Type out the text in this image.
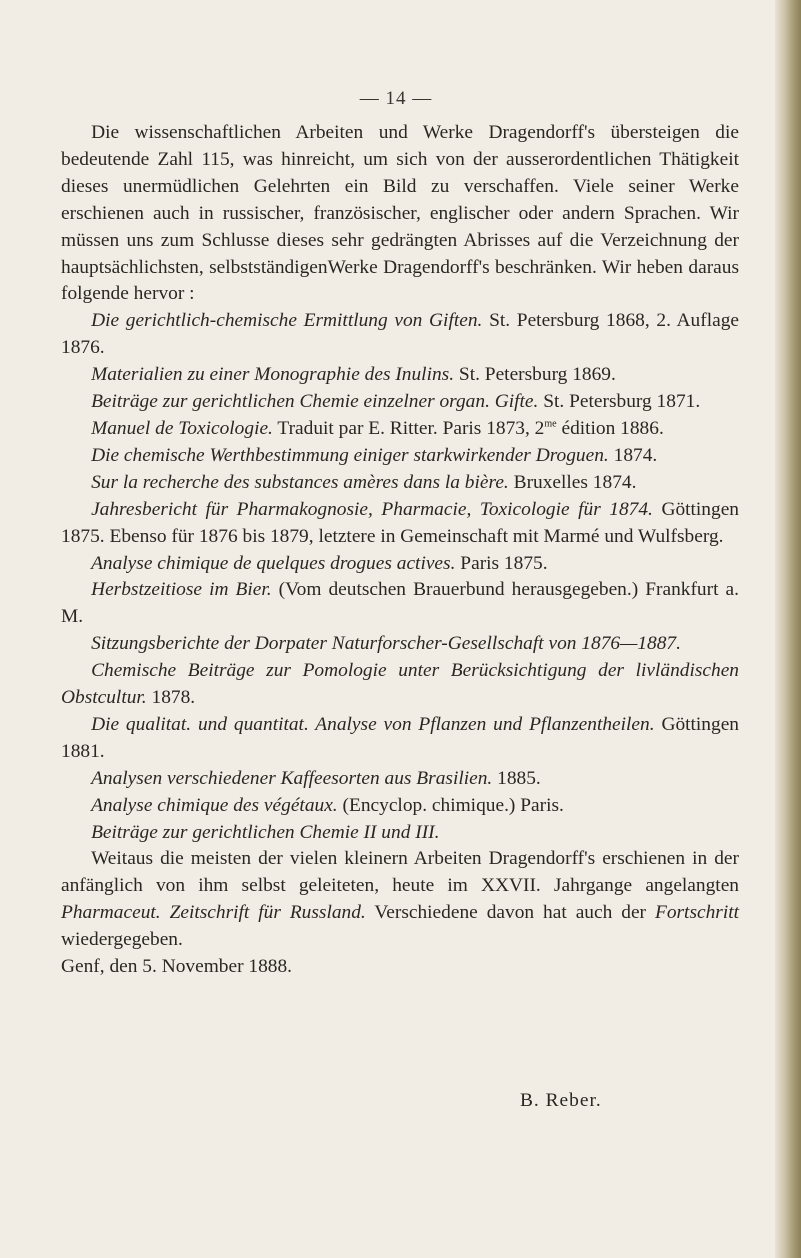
— 14 —

Die wissenschaftlichen Arbeiten und Werke Dragendorff's übersteigen die bedeutende Zahl 115, was hinreicht, um sich von der ausserordentlichen Thätigkeit dieses unermüdlichen Gelehrten ein Bild zu verschaffen. Viele seiner Werke erschienen auch in russischer, französischer, englischer oder andern Sprachen. Wir müssen uns zum Schlusse dieses sehr gedrängten Abrisses auf die Verzeichnung der hauptsächlichsten, selbstständigenWerke Dragendorff's beschränken. Wir heben daraus folgende hervor :

Die gerichtlich-chemische Ermittlung von Giften. St. Petersburg 1868, 2. Auflage 1876.

Materialien zu einer Monographie des Inulins. St. Petersburg 1869.

Beiträge zur gerichtlichen Chemie einzelner organ. Gifte. St. Petersburg 1871.

Manuel de Toxicologie. Traduit par E. Ritter. Paris 1873, $2^{me}$ édition 1886.

Die chemische Werthbestimmung einiger starkwirkender Droguen. 1874.

Sur la recherche des substances amères dans la bière. Bruxelles 1874.

Jahresbericht für Pharmakognosie, Pharmacie, Toxicologie für 1874. Göttingen 1875. Ebenso für 1876 bis 1879, letztere in Gemeinschaft mit Marmé und Wulfsberg.

Analyse chimique de quelques drogues actives. Paris 1875.

Herbstzeitiose im Bier. (Vom deutschen Brauerbund herausgegeben.) Frankfurt a. M.

Sitzungsberichte der Dorpater Naturforscher-Gesellschaft von 1876—1887.

Chemische Beiträge zur Pomologie unter Berücksichtigung der livländischen Obstcultur. 1878.

Die qualitat. und quantitat. Analyse von Pflanzen und Pflanzentheilen. Göttingen 1881.

Analysen verschiedener Kaffeesorten aus Brasilien. 1885.

Analyse chimique des végétaux. (Encyclop. chimique.) Paris.

Beiträge zur gerichtlichen Chemie II und III.

Weitaus die meisten der vielen kleinern Arbeiten Dragendorff's erschienen in der anfänglich von ihm selbst geleiteten, heute im XXVII. Jahrgange angelangten Pharmaceut. Zeitschrift für Russland. Verschiedene davon hat auch der Fortschritt wiedergegeben.

Genf, den 5. November 1888.

B. Reber.
